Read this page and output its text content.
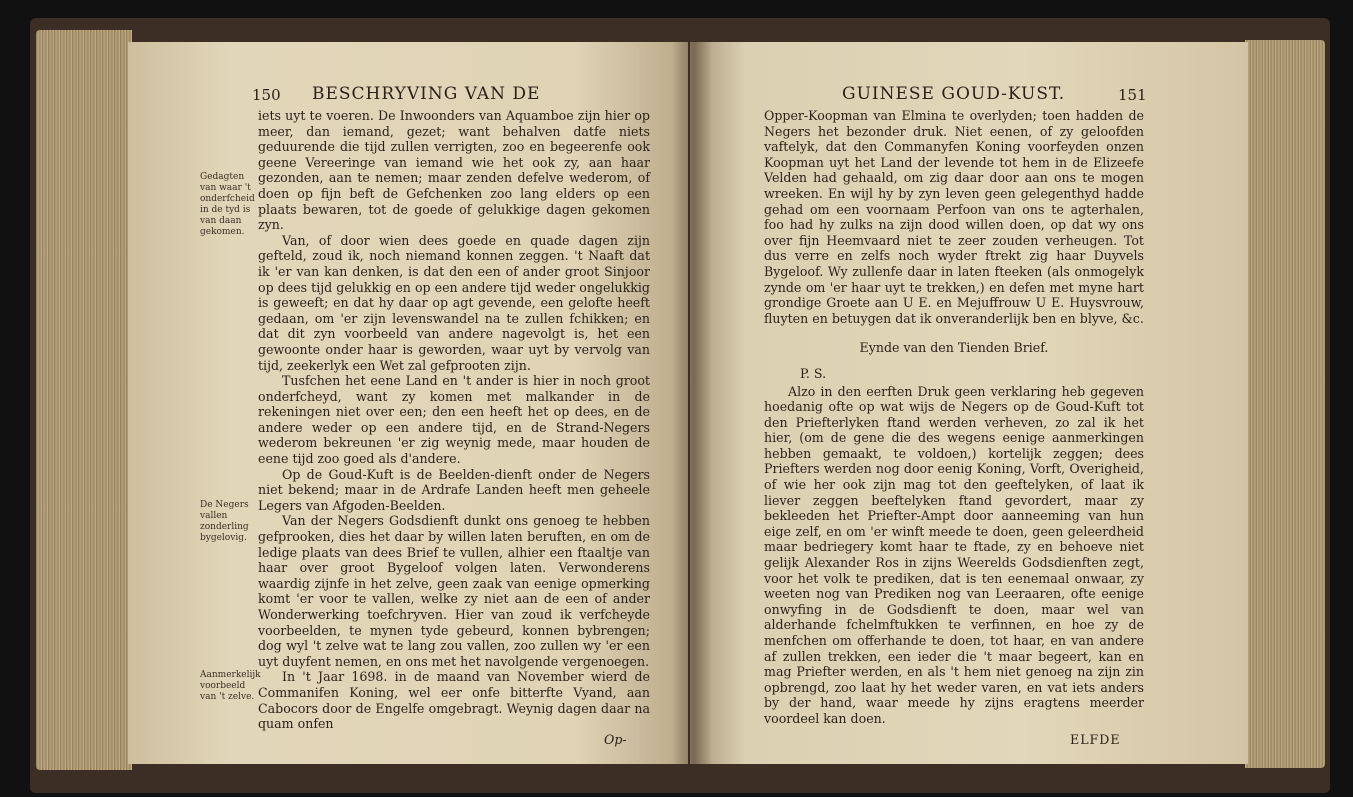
150 BESCHRYVING VAN DE
Gedagten van waar 't onderfcheid in de tyd is van daan gekomen.
De Negers vallen zonderling bygelovig.
Aanmerkelijk voorbeeld van 't zelve.

iets uyt te voeren. De Inwoonders van Aquamboe zijn hier op meer, dan iemand, gezet; want behalven datfe niets geduurende die tijd zullen verrigten, zoo en begeerenfe ook geene Vereeringe van iemand wie het ook zy, aan haar gezonden, aan te nemen; maar zenden defelve wederom, of doen op fijn beft de Gefchenken zoo lang elders op een plaats bewaren, tot de goede of gelukkige dagen gekomen zyn.

Van, of door wien dees goede en quade dagen zijn gefteld, zoud ik, noch niemand konnen zeggen. 't Naaft dat ik 'er van kan denken, is dat den een of ander groot Sinjoor op dees tijd gelukkig en op een andere tijd weder ongelukkig is geweeft; en dat hy daar op agt gevende, een gelofte heeft gedaan, om 'er zijn levenswandel na te zullen fchikken; en dat dit zyn voorbeeld van andere nagevolgt is, het een gewoonte onder haar is geworden, waar uyt by vervolg van tijd, zeekerlyk een Wet zal gefprooten zijn.

Tusfchen het eene Land en 't ander is hier in noch groot onderfcheyd, want zy komen met malkander in de rekeningen niet over een; den een heeft het op dees, en de andere weder op een andere tijd, en de Strand-Negers wederom bekreunen 'er zig weynig mede, maar houden de eene tijd zoo goed als d'andere.

Op de Goud-Kuft is de Beelden-dienft onder de Negers niet bekend; maar in de Ardrafe Landen heeft men geheele Legers van Afgoden-Beelden.

Van der Negers Godsdienft dunkt ons genoeg te hebben gefprooken, dies het daar by willen laten beruften, en om de ledige plaats van dees Brief te vullen, alhier een ftaaltje van haar over groot Bygeloof volgen laten. Verwonderens waardig zijnfe in het zelve, geen zaak van eenige opmerking komt 'er voor te vallen, welke zy niet aan de een of ander Wonderwerking toefchryven. Hier van zoud ik verfcheyde voorbeelden, te mynen tyde gebeurd, konnen bybrengen; dog wyl 't zelve wat te lang zou vallen, zoo zullen wy 'er een uyt duyfent nemen, en ons met het navolgende vergenoegen.

In 't Jaar 1698. in de maand van November wierd de Commanifen Koning, wel eer onfe bitterfte Vyand, aan Cabocors door de Engelfe omgebragt. Weynig dagen daar na quam onfen

Op-
GUINESE GOUD-KUST.	151

Opper-Koopman van Elmina te overlyden; toen hadden de Negers het bezonder druk. Niet eenen, of zy geloofden vaftelyk, dat den Commanyfen Koning voorfeyden onzen Koopman uyt het Land der levende tot hem in de Elizeefe Velden had gehaald, om zig daar door aan ons te mogen wreeken. En wijl hy by zyn leven geen gelegenthyd hadde gehad om een voornaam Perfoon van ons te agterhalen, foo had hy zulks na zijn dood willen doen, op dat wy ons over fijn Heemvaard niet te zeer zouden verheugen. Tot dus verre en zelfs noch wyder ftrekt zig haar Duyvels Bygeloof. Wy zullenfe daar in laten fteeken (als onmogelyk zynde om 'er haar uyt te trekken,) en defen met myne hart grondige Groete aan U E. en Mejuffrouw U E. Huysvrouw, fluyten en betuygen dat ik onveranderlijk ben en blyve, &c.

Eynde van den Tienden Brief.

P. S.

Alzo in den eerften Druk geen verklaring heb gegeven hoedanig ofte op wat wijs de Negers op de Goud-Kuft tot den Priefterlyken ftand werden verheven, zo zal ik het hier, (om de gene die des wegens eenige aanmerkingen hebben gemaakt, te voldoen,) kortelijk zeggen; dees Priefters werden nog door eenig Koning, Vorft, Overigheid, of wie her ook zijn mag tot den geeftelyken, of laat ik liever zeggen beeftelyken ftand gevordert, maar zy bekleeden het Priefter-Ampt door aanneeming van hun eige zelf, en om 'er winft meede te doen, geen geleerdheid maar bedriegery komt haar te ftade, zy en behoeve niet gelijk Alexander Ros in zijns Weerelds Godsdienften zegt, voor het volk te prediken, dat is ten eenemaal onwaar, zy weeten nog van Prediken nog van Leeraaren, ofte eenige onwyfing in de Godsdienft te doen, maar wel van alderhande fchelmftukken te verfinnen, en hoe zy de menfchen om offerhande te doen, tot haar, en van andere af zullen trekken, een ieder die 't maar begeert, kan en mag Priefter werden, en als 't hem niet genoeg na zijn zin opbrengd, zoo laat hy het weder varen, en vat iets anders by der hand, waar meede hy zijns eragtens meerder voordeel kan doen.

ELFDE
